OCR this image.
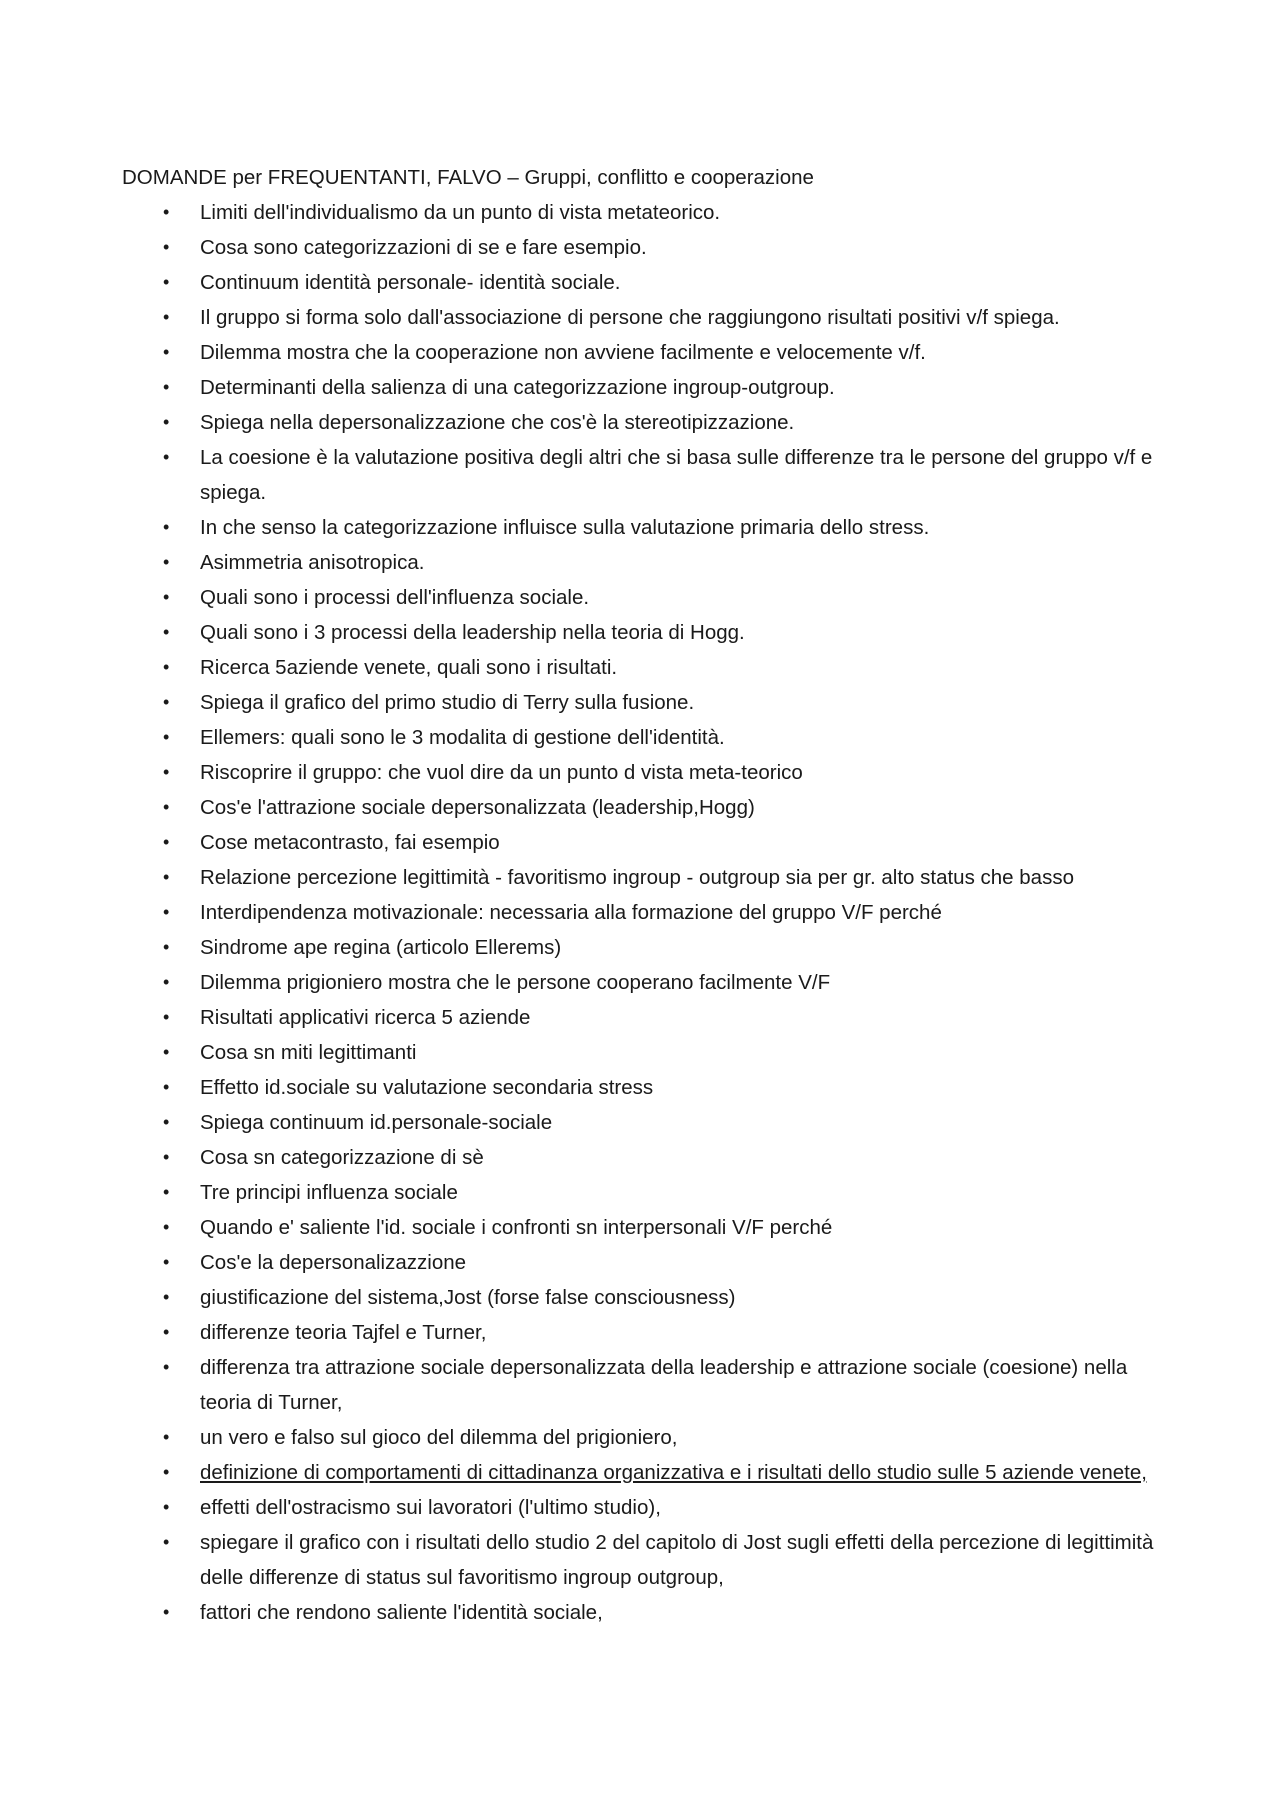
DOMANDE per FREQUENTANTI, FALVO – Gruppi, conflitto e cooperazione
• Limiti dell'individualismo da un punto di vista metateorico.
• Cosa sono categorizzazioni di se e fare esempio.
• Continuum identità personale- identità sociale.
• Il gruppo si forma solo dall'associazione di persone che raggiungono risultati positivi v/f spiega.
• Dilemma mostra che la cooperazione non avviene facilmente e velocemente v/f.
• Determinanti della salienza di una categorizzazione ingroup-outgroup.
• Spiega nella depersonalizzazione che cos'è la stereotipizzazione.
• La coesione è la valutazione positiva degli altri che si basa sulle differenze tra le persone del gruppo v/f e spiega.
• In che senso la categorizzazione influisce sulla valutazione primaria dello stress.
• Asimmetria anisotropica.
• Quali sono i processi dell'influenza sociale.
• Quali sono i 3 processi della leadership nella teoria di Hogg.
• Ricerca 5aziende venete, quali sono i risultati.
• Spiega il grafico del primo studio di Terry sulla fusione.
• Ellemers: quali sono le 3 modalita di gestione dell'identità.
• Riscoprire il gruppo: che vuol dire da un punto d vista meta-teorico
• Cos'e l'attrazione sociale depersonalizzata (leadership,Hogg)
• Cose metacontrasto, fai esempio
• Relazione percezione legittimità - favoritismo ingroup - outgroup sia per gr. alto status che basso
• Interdipendenza motivazionale: necessaria alla formazione del gruppo V/F perché
• Sindrome ape regina (articolo Ellerems)
• Dilemma prigioniero mostra che le persone cooperano facilmente V/F
• Risultati applicativi ricerca 5 aziende
• Cosa sn miti legittimanti
• Effetto id.sociale su valutazione secondaria stress
• Spiega continuum id.personale-sociale
• Cosa sn categorizzazione di sè
• Tre principi influenza sociale
• Quando e' saliente l'id. sociale i confronti sn interpersonali V/F perché
• Cos'e la depersonalizazzione
• giustificazione del sistema,Jost (forse false consciousness)
• differenze teoria Tajfel e Turner,
• differenza tra attrazione sociale depersonalizzata della leadership e attrazione sociale (coesione) nella teoria di Turner,
• un vero e falso sul gioco del dilemma del prigioniero,
• definizione di comportamenti di cittadinanza organizzativa e i risultati dello studio sulle 5 aziende venete,
• effetti dell'ostracismo sui lavoratori (l'ultimo studio),
• spiegare il grafico con i risultati dello studio 2 del capitolo di Jost sugli effetti della percezione di legittimità delle differenze di status sul favoritismo ingroup outgroup,
• fattori che rendono saliente l'identità sociale,
